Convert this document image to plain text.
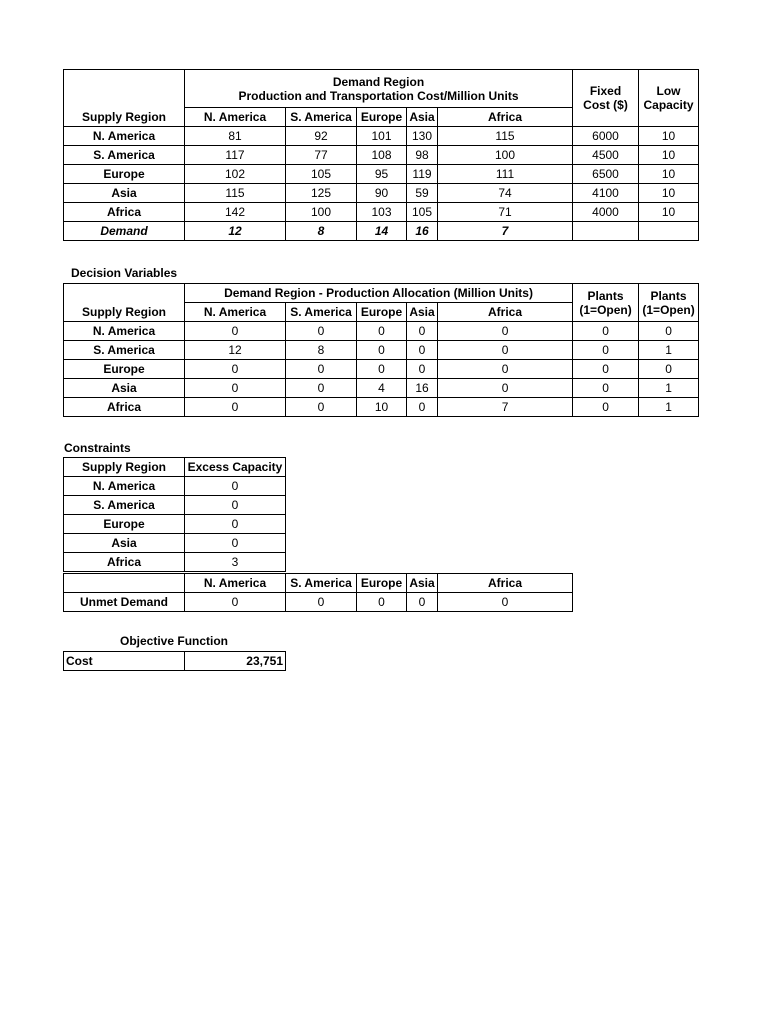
	Demand Region
Production and Transportation Cost/Million Units					Fixed Cost ($)	Low Capacity
Supply Region	N. America	S. America	Europe	Asia	Africa		
N. America	81	92	101	130	115	6000	10
S. America	117	77	108	98	100	4500	10
Europe	102	105	95	119	111	6500	10
Asia	115	125	90	59	74	4100	10
Africa	142	100	103	105	71	4000	10
Demand	12	8	14	16	7		
Decision Variables
	Demand Region - Production Allocation (Million Units)					Plants (1=Open)	Plants (1=Open)
Supply Region	N. America	S. America	Europe	Asia	Africa		
N. America	0	0	0	0	0	0	0
S. America	12	8	0	0	0	0	1
Europe	0	0	0	0	0	0	0
Asia	0	0	4	16	0	0	1
Africa	0	0	10	0	7	0	1
Constraints
Supply Region	Excess Capacity
N. America	0
S. America	0
Europe	0
Asia	0
Africa	3
	N. America	S. America	Europe	Asia	Africa
Unmet Demand	0	0	0	0	0
Objective Function
Cost	23,751
